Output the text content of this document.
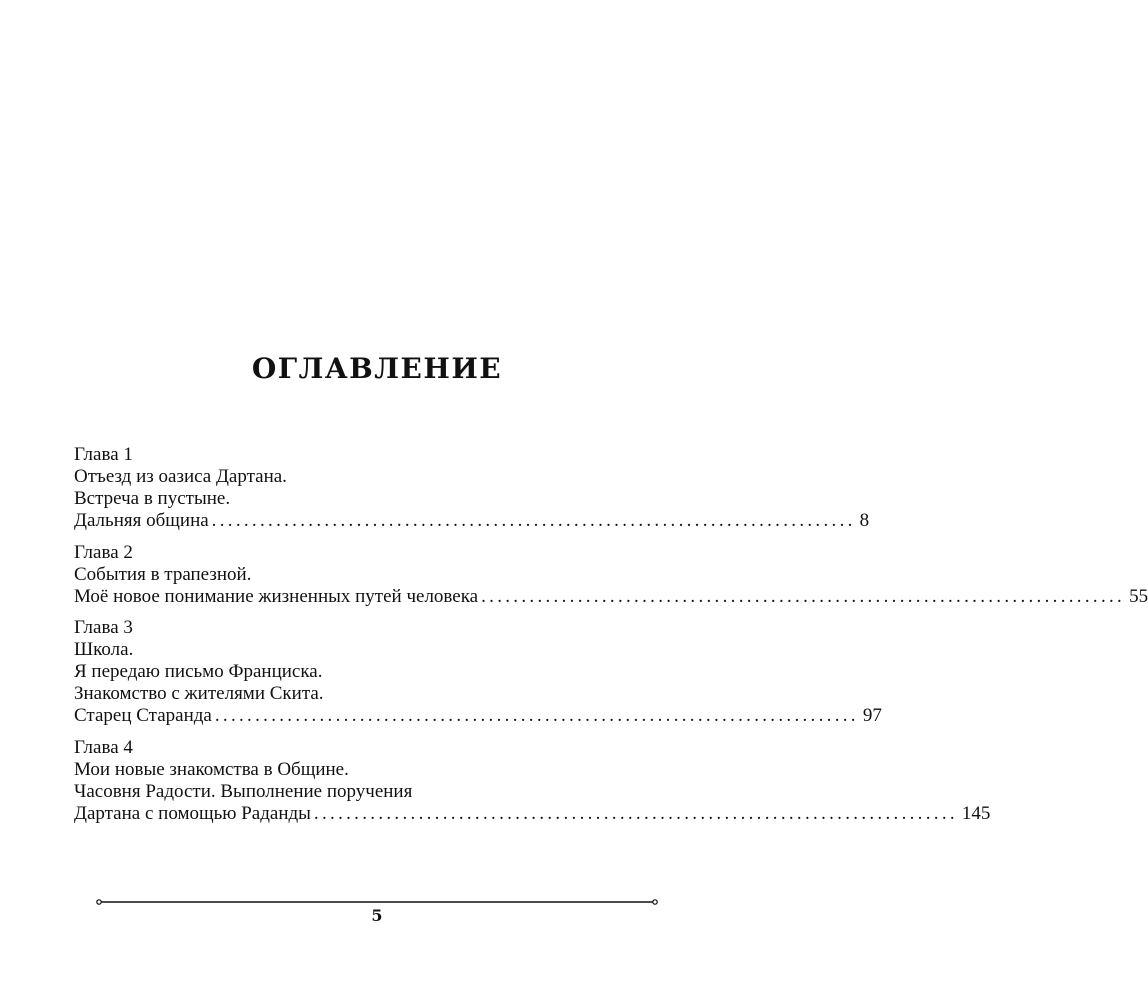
ОГЛАВЛЕНИЕ
Глава 1
Отъезд из оазиса Дартана.
Встреча в пустыне.
Дальняя община ................................................................................ 8
Глава 2
События в трапезной.
Моё новое понимание жизненных путей человека ................................................................................ 55
Глава 3
Школа.
Я передаю письмо Франциска.
Знакомство с жителями Скита.
Старец Старанда ................................................................................ 97
Глава 4
Мои новые знакомства в Общине.
Часовня Радости. Выполнение поручения
Дартана с помощью Раданды ................................................................................ 145
5
